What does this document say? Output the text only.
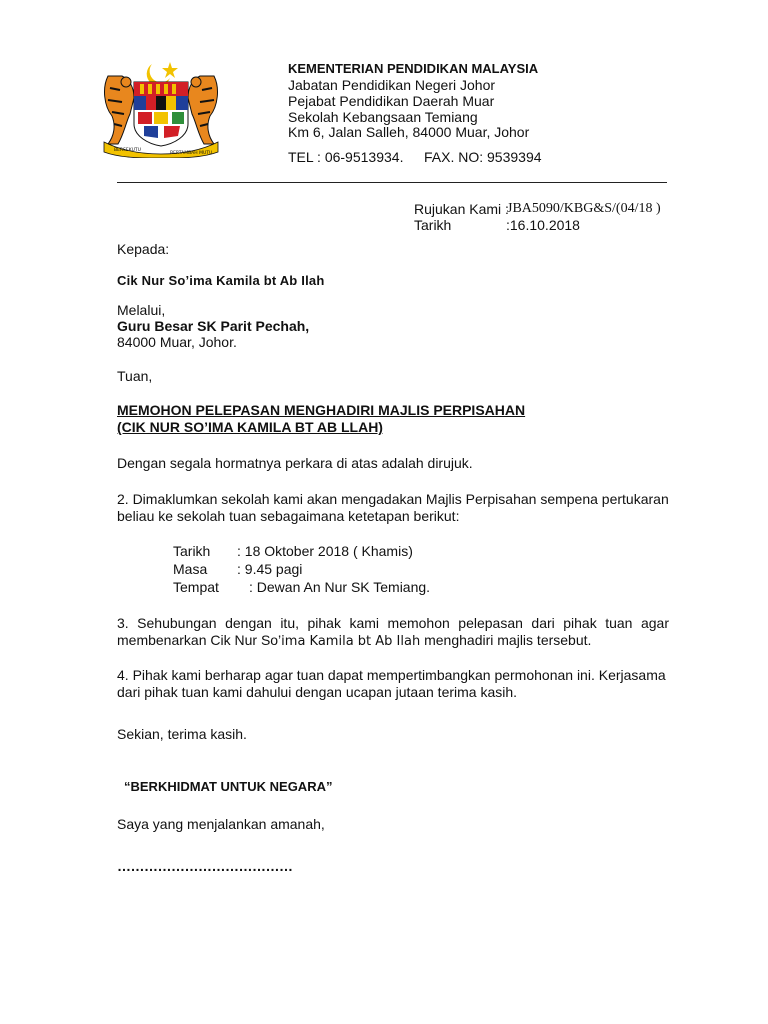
BERSEKUTU
BERTAMBAH MUTU
KEMENTERIAN PENDIDIKAN MALAYSIA
Jabatan Pendidikan Negeri Johor
Pejabat Pendidikan Daerah Muar
Sekolah Kebangsaan Temiang
Km 6, Jalan Salleh, 84000 Muar, Johor
TEL : 06-9513934. FAX. NO: 9539394
Rujukan Kami :
JBA5090/KBG&S/(04/18 )
Tarikh	:16.10.2018
Kepada:
Cik Nur So’ima Kamila bt Ab Ilah
Melalui,
Guru Besar SK Parit Pechah,
84000 Muar, Johor.
Tuan,
MEMOHON PELEPASAN MENGHADIRI MAJLIS PERPISAHAN
(CIK NUR SO’IMA KAMILA BT AB LLAH)
Dengan segala hormatnya perkara di atas adalah dirujuk.
2. Dimaklumkan sekolah kami akan mengadakan Majlis Perpisahan sempena pertukaran
beliau ke sekolah tuan sebagaimana ketetapan berikut:
Tarikh : 18 Oktober 2018 ( Khamis)
Masa : 9.45 pagi
Tempat : Dewan An Nur SK Temiang.
3. Sehubungan dengan itu, pihak kami memohon pelepasan dari pihak tuan agar
membenarkan Cik Nur So’ima Kamila bt Ab Ilah menghadiri majlis tersebut.
4. Pihak kami berharap agar tuan dapat mempertimbangkan permohonan ini. Kerjasama
dari pihak tuan kami dahului dengan ucapan jutaan terima kasih.
Sekian, terima kasih.
“BERKHIDMAT UNTUK NEGARA”
Saya yang menjalankan amanah,
…………………………………
